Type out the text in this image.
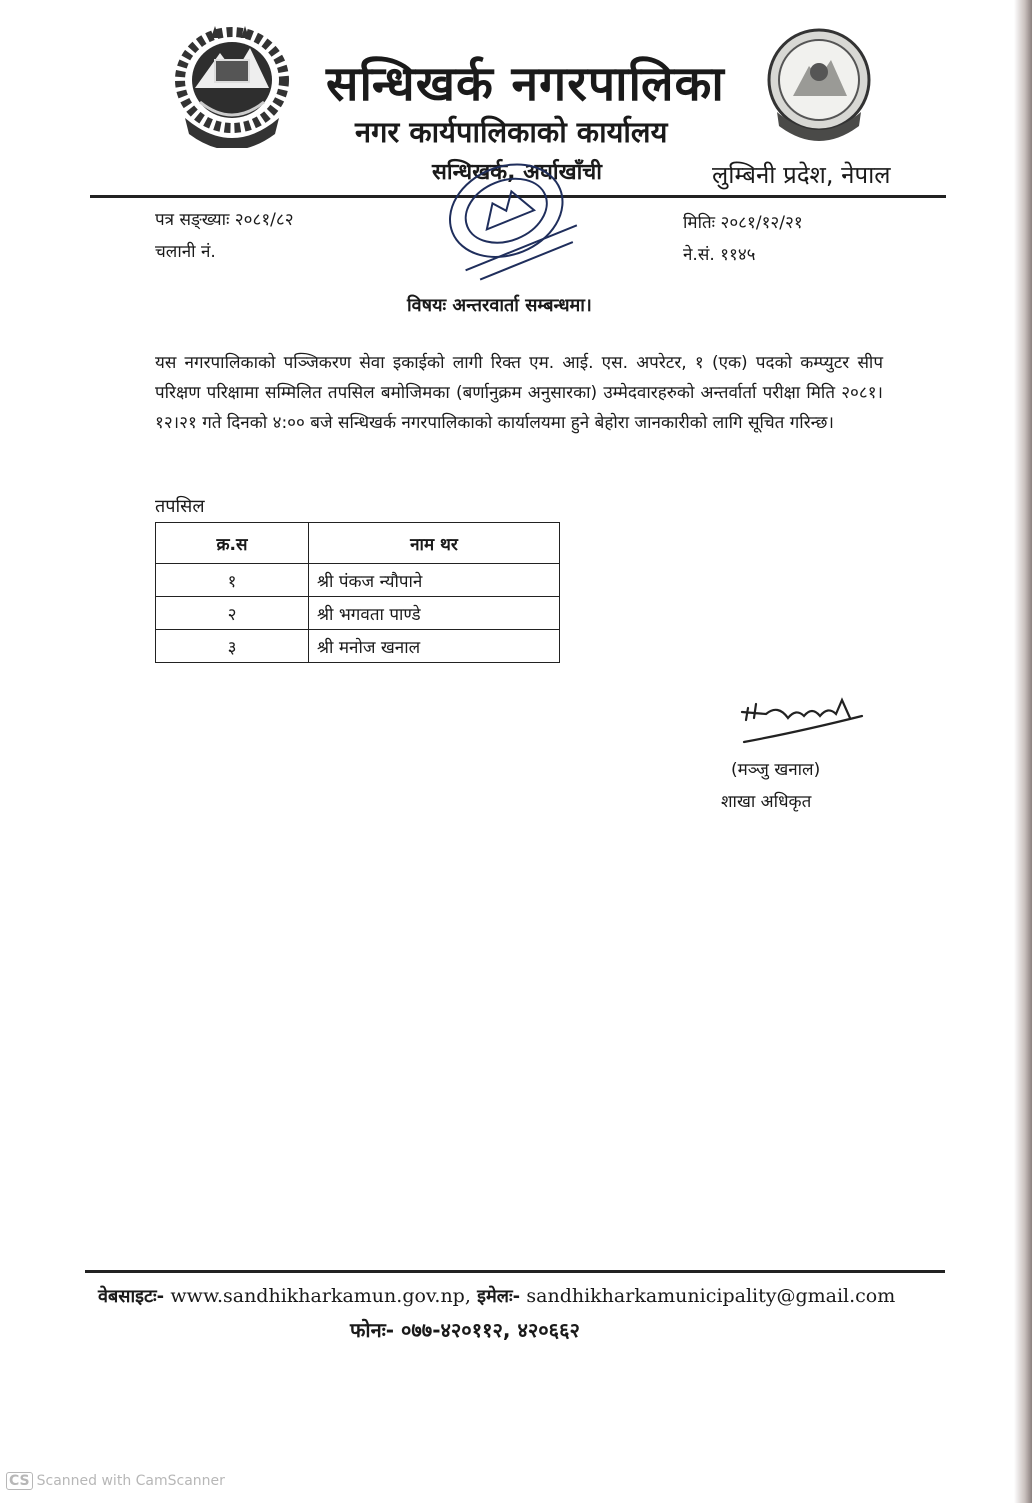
सन्धिखर्क नगरपालिका
नगर कार्यपालिकाको कार्यालय
सन्धिखर्क, अर्घाखाँची	लुम्बिनी प्रदेश, नेपाल
पत्र सङ्ख्याः २०८१/८२
चलानी नं.
मितिः २०८१/१२/२१
ने.सं. ११४५
विषयः अन्तरवार्ता सम्बन्धमा।
यस नगरपालिकाको पञ्जिकरण सेवा इकाईको लागी रिक्त एम. आई. एस. अपरेटर, १ (एक) पदको कम्प्युटर सीप परिक्षण परिक्षामा सम्मिलित तपसिल बमोजिमका (बर्णानुक्रम अनुसारका) उम्मेदवारहरुको अन्तर्वार्ता परीक्षा मिति २०८१।१२।२१ गते दिनको ४:०० बजे सन्धिखर्क नगरपालिकाको कार्यालयमा हुने बेहोरा जानकारीको लागि सूचित गरिन्छ।
तपसिल
क्र.स	नाम थर
१	श्री पंकज न्यौपाने
२	श्री भगवता पाण्डे
३	श्री मनोज खनाल
(मञ्जु खनाल)
शाखा अधिकृत
वेबसाइटः- www.sandhikharkamun.gov.np, इमेलः- sandhikharkamunicipality@gmail.com
फोनः- ०७७-४२०११२, ४२०६६२
CS Scanned with CamScanner
